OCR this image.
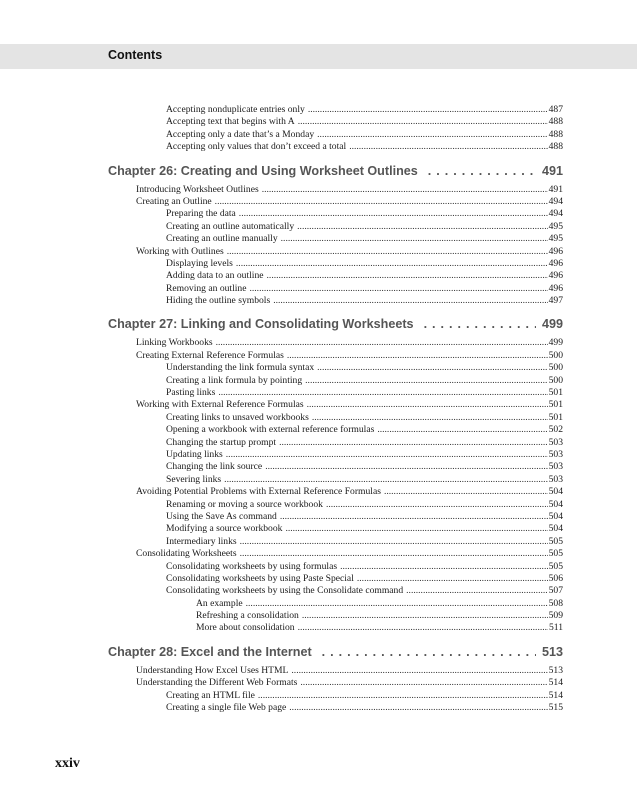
Contents
Accepting nonduplicate entries only .....	487
Accepting text that begins with A .....	488
Accepting only a date that’s a Monday .....	488
Accepting only values that don’t exceed a total .....	488
Chapter 26: Creating and Using Worksheet Outlines .....	491
Introducing Worksheet Outlines .....	491
Creating an Outline .....	494
Preparing the data .....	494
Creating an outline automatically .....	495
Creating an outline manually .....	495
Working with Outlines .....	496
Displaying levels .....	496
Adding data to an outline .....	496
Removing an outline .....	496
Hiding the outline symbols .....	497
Chapter 27: Linking and Consolidating Worksheets .....	499
Linking Workbooks .....	499
Creating External Reference Formulas .....	500
Understanding the link formula syntax .....	500
Creating a link formula by pointing .....	500
Pasting links .....	501
Working with External Reference Formulas .....	501
Creating links to unsaved workbooks .....	501
Opening a workbook with external reference formulas .....	502
Changing the startup prompt .....	503
Updating links .....	503
Changing the link source .....	503
Severing links .....	503
Avoiding Potential Problems with External Reference Formulas .....	504
Renaming or moving a source workbook .....	504
Using the Save As command .....	504
Modifying a source workbook .....	504
Intermediary links .....	505
Consolidating Worksheets .....	505
Consolidating worksheets by using formulas .....	505
Consolidating worksheets by using Paste Special .....	506
Consolidating worksheets by using the Consolidate command .....	507
An example .....	508
Refreshing a consolidation .....	509
More about consolidation .....	511
Chapter 28: Excel and the Internet .....	513
Understanding How Excel Uses HTML .....	513
Understanding the Different Web Formats .....	514
Creating an HTML file .....	514
Creating a single file Web page .....	515
xxiv
